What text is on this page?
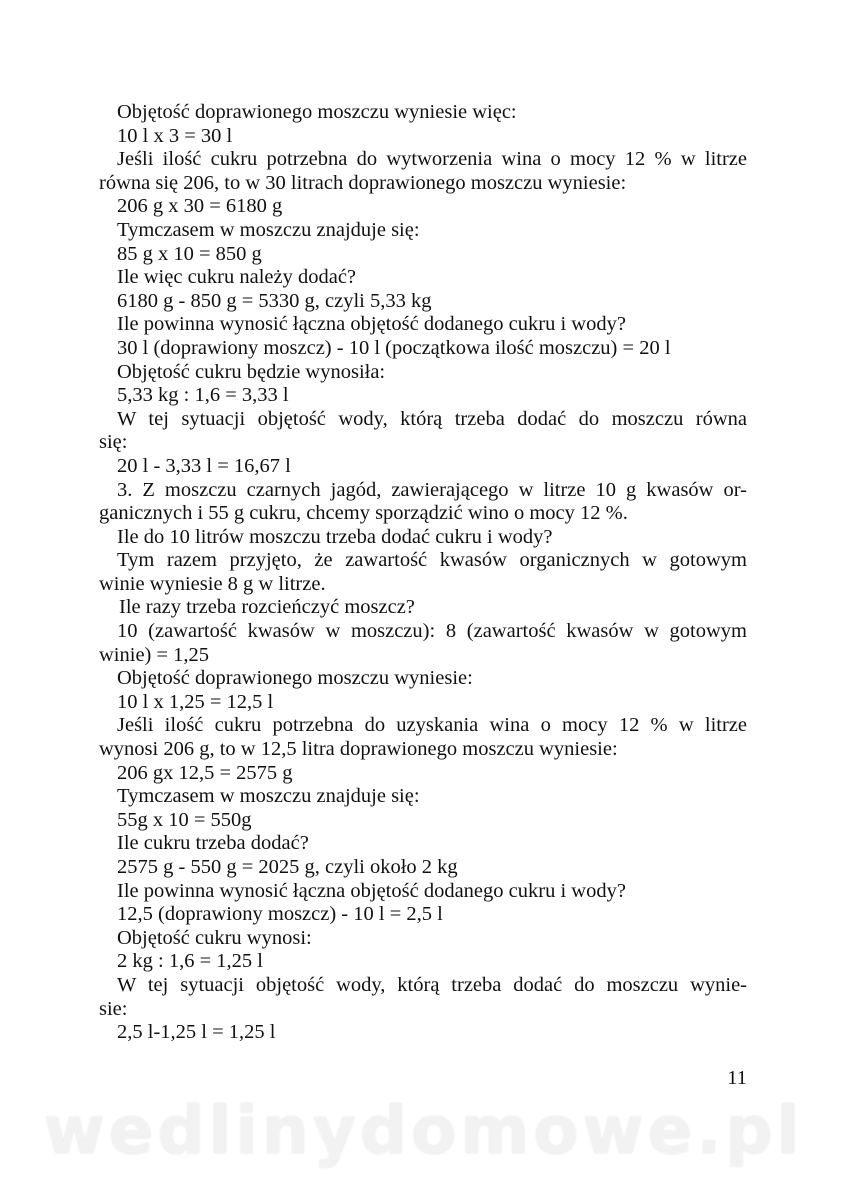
Objętość doprawionego moszczu wyniesie więc:
10 l x 3 = 30 l
Jeśli ilość cukru potrzebna do wytworzenia wina o mocy 12 % w litrze
równa się 206, to w 30 litrach doprawionego moszczu wyniesie:
206 g x 30 = 6180 g
Tymczasem w moszczu znajduje się:
85 g x 10 = 850 g
Ile więc cukru należy dodać?
6180 g - 850 g = 5330 g, czyli 5,33 kg
Ile powinna wynosić łączna objętość dodanego cukru i wody?
30 l (doprawiony moszcz) - 10 l (początkowa ilość moszczu) = 20 l
Objętość cukru będzie wynosiła:
5,33 kg : 1,6 = 3,33 l
W tej sytuacji objętość wody, którą trzeba dodać do moszczu równa
się:
20 l - 3,33 l = 16,67 l
3. Z moszczu czarnych jagód, zawierającego w litrze 10 g kwasów or-
ganicznych i 55 g cukru, chcemy sporządzić wino o mocy 12 %.
Ile do 10 litrów moszczu trzeba dodać cukru i wody?
Tym razem przyjęto, że zawartość kwasów organicznych w gotowym
winie wyniesie 8 g w litrze.
Ile razy trzeba rozcieńczyć moszcz?
10 (zawartość kwasów w moszczu): 8 (zawartość kwasów w gotowym
winie) = 1,25
Objętość doprawionego moszczu wyniesie:
10 l x 1,25 = 12,5 l
Jeśli ilość cukru potrzebna do uzyskania wina o mocy 12 % w litrze
wynosi 206 g, to w 12,5 litra doprawionego moszczu wyniesie:
206 gx 12,5 = 2575 g
Tymczasem w moszczu znajduje się:
55g x 10 = 550g
Ile cukru trzeba dodać?
2575 g - 550 g = 2025 g, czyli około 2 kg
Ile powinna wynosić łączna objętość dodanego cukru i wody?
12,5 (doprawiony moszcz) - 10 l = 2,5 l
Objętość cukru wynosi:
2 kg : 1,6 = 1,25 l
W tej sytuacji objętość wody, którą trzeba dodać do moszczu wynie-
sie:
2,5 l-1,25 l = 1,25 l
11
wedlinydomowe.pl
